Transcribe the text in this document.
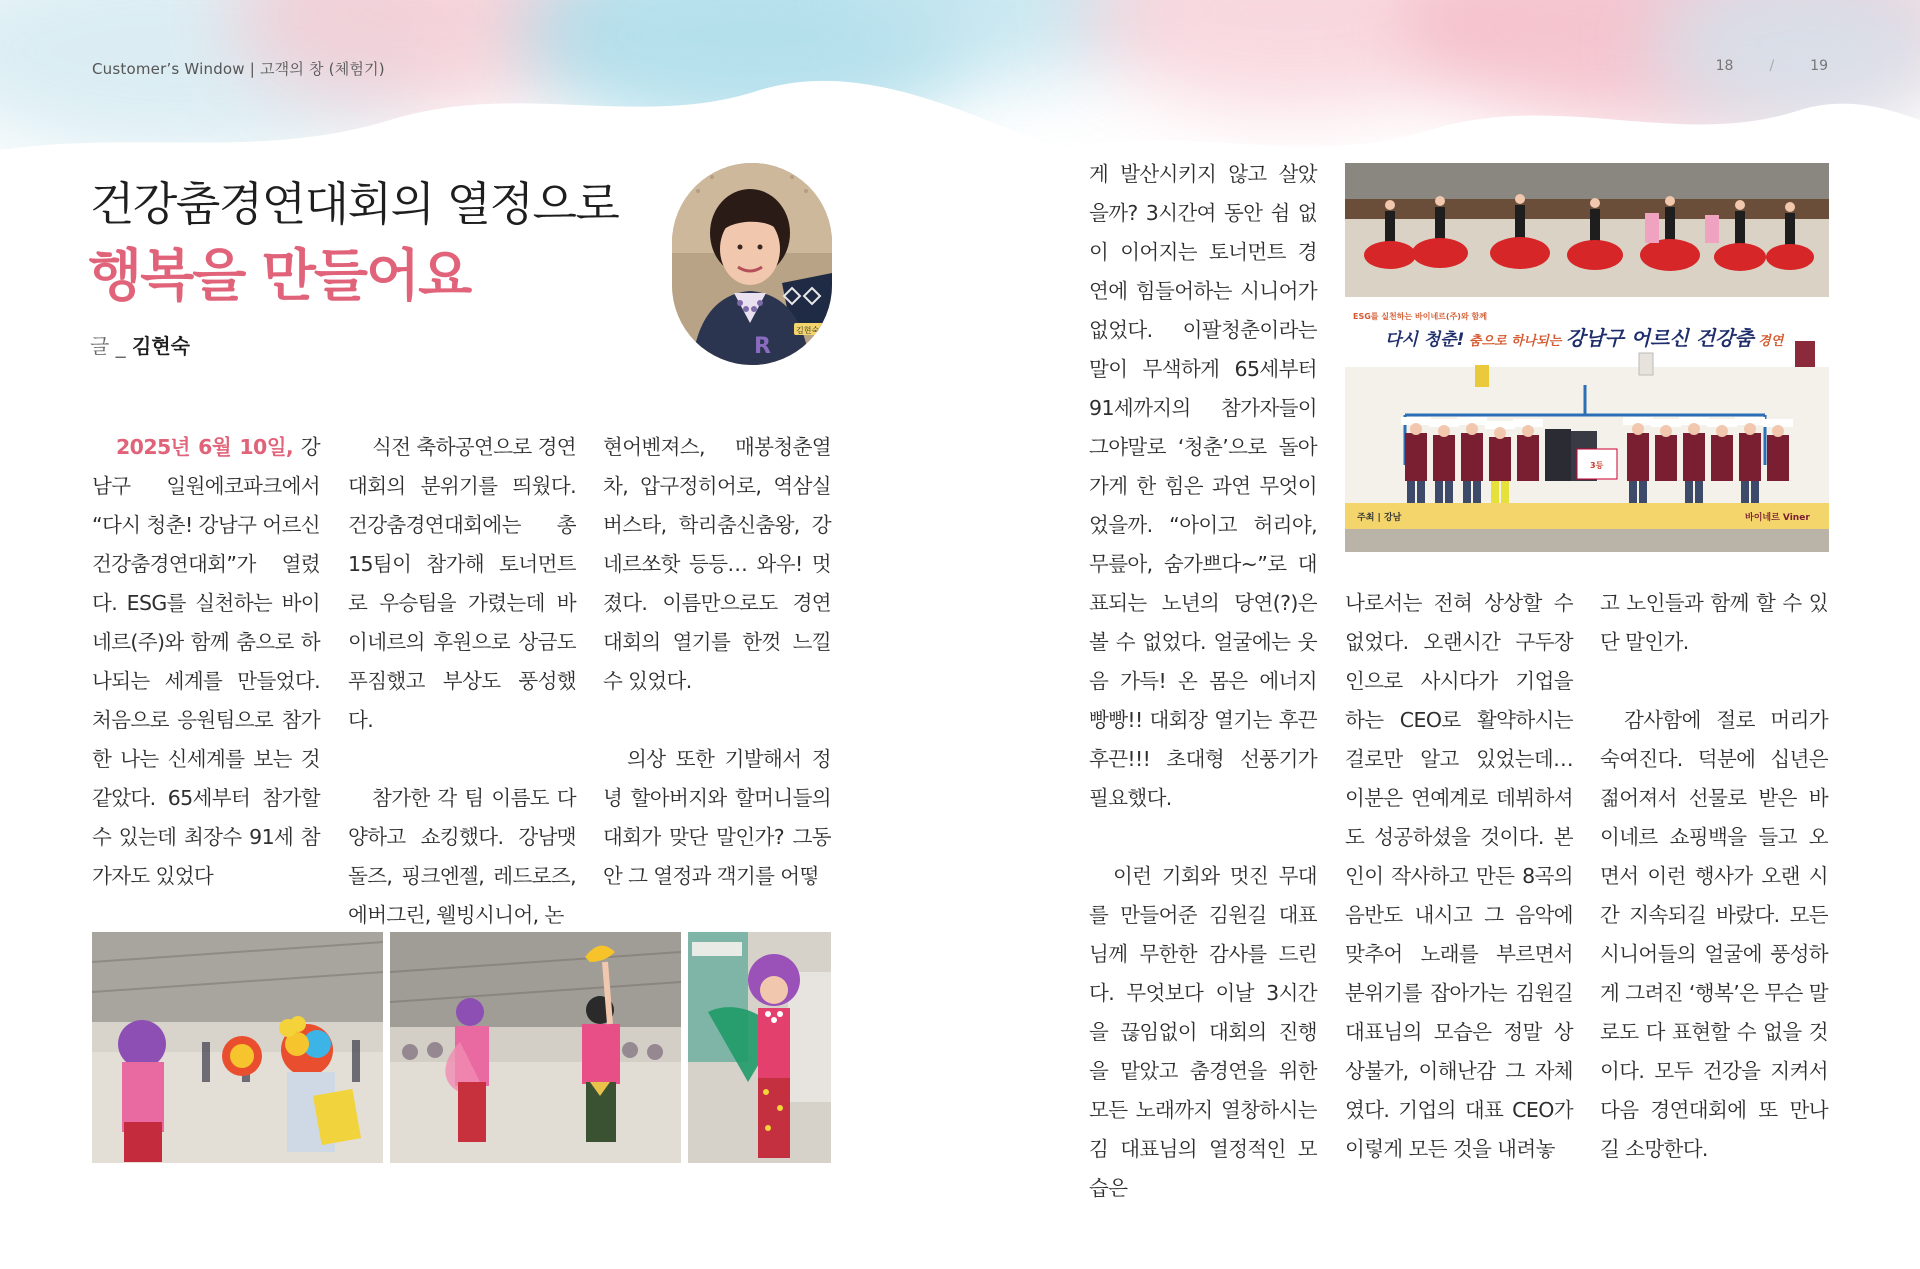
Customer’s Window | 고객의 창 (체험기)	18	/	19
건강춤경연대회의 열정으로
행복을 만들어요
글 _ 김현숙	R
김현숙님

2025년 6월 10일, 강남구 일원에코파크에서 “다시 청춘! 강남구 어르신 건강춤경연대회”가 열렸다. ESG를 실천하는 바이네르(주)와 함께 춤으로 하나되는 세계를 만들었다. 처음으로 응원팀으로 참가한 나는 신세계를 보는 것 같았다. 65세부터 참가할 수 있는데 최장수 91세 참가자도 있었다

식전 축하공연으로 경연대회의 분위기를 띄웠다. 건강춤경연대회에는 총 15팀이 참가해 토너먼트로 우승팀을 가렸는데 바이네르의 후원으로 상금도 푸짐했고 부상도 풍성했다.

참가한 각 팀 이름도 다양하고 쇼킹했다. 강남맷돌즈, 핑크엔젤, 레드로즈, 에버그린, 웰빙시니어, 논

현어벤져스, 매봉청춘열차, 압구정히어로, 역삼실버스타, 학리춤신춤왕, 강네르쏘핫 등등… 와우! 멋졌다. 이름만으로도 경연대회의 열기를 한껏 느낄 수 있었다.

의상 또한 기발해서 정녕 할아버지와 할머니들의 대회가 맞단 말인가? 그동안 그 열정과 객기를 어떻

게 발산시키지 않고 살았을까? 3시간여 동안 쉼 없이 이어지는 토너먼트 경연에 힘들어하는 시니어가 없었다. 이팔청춘이라는 말이 무색하게 65세부터 91세까지의 참가자들이 그야말로 ‘청춘’으로 돌아가게 한 힘은 과연 무엇이었을까. “아이고 허리야, 무릎아, 숨가쁘다~”로 대표되는 노년의 당연(?)은 볼 수 없었다. 얼굴에는 웃음 가득! 온 몸은 에너지 빵빵!! 대회장 열기는 후끈후끈!!! 초대형 선풍기가 필요했다.

이런 기회와 멋진 무대를 만들어준 김원길 대표님께 무한한 감사를 드린다. 무엇보다 이날 3시간을 끊임없이 대회의 진행을 맡았고 춤경연을 위한 모든 노래까지 열창하시는 김 대표님의 열정적인 모습은

나로서는 전혀 상상할 수 없었다. 오랜시간 구두장인으로 사시다가 기업을 하는 CEO로 활약하시는 걸로만 알고 있었는데… 이분은 연예계로 데뷔하셔도 성공하셨을 것이다. 본인이 작사하고 만든 8곡의 음반도 내시고 그 음악에 맞추어 노래를 부르면서 분위기를 잡아가는 김원길 대표님의 모습은 정말 상상불가, 이해난감 그 자체였다. 기업의 대표 CEO가 이렇게 모든 것을 내려놓

고 노인들과 함께 할 수 있단 말인가.

감사함에 절로 머리가 숙여진다. 덕분에 십년은 젊어져서 선물로 받은 바이네르 쇼핑백을 들고 오면서 이런 행사가 오랜 시간 지속되길 바랐다. 모든 시니어들의 얼굴에 풍성하게 그려진 ‘행복’은 무슨 말로도 다 표현할 수 없을 것이다. 모두 건강을 지켜서 다음 경연대회에 또 만나길 소망한다.

ESG를 실천하는 바이네르(주)와 함께
다시 청춘! 춤으로 하나되는 강남구 어르신 건강춤 경연
주최 | 강남	바이네르 Viner
3등
